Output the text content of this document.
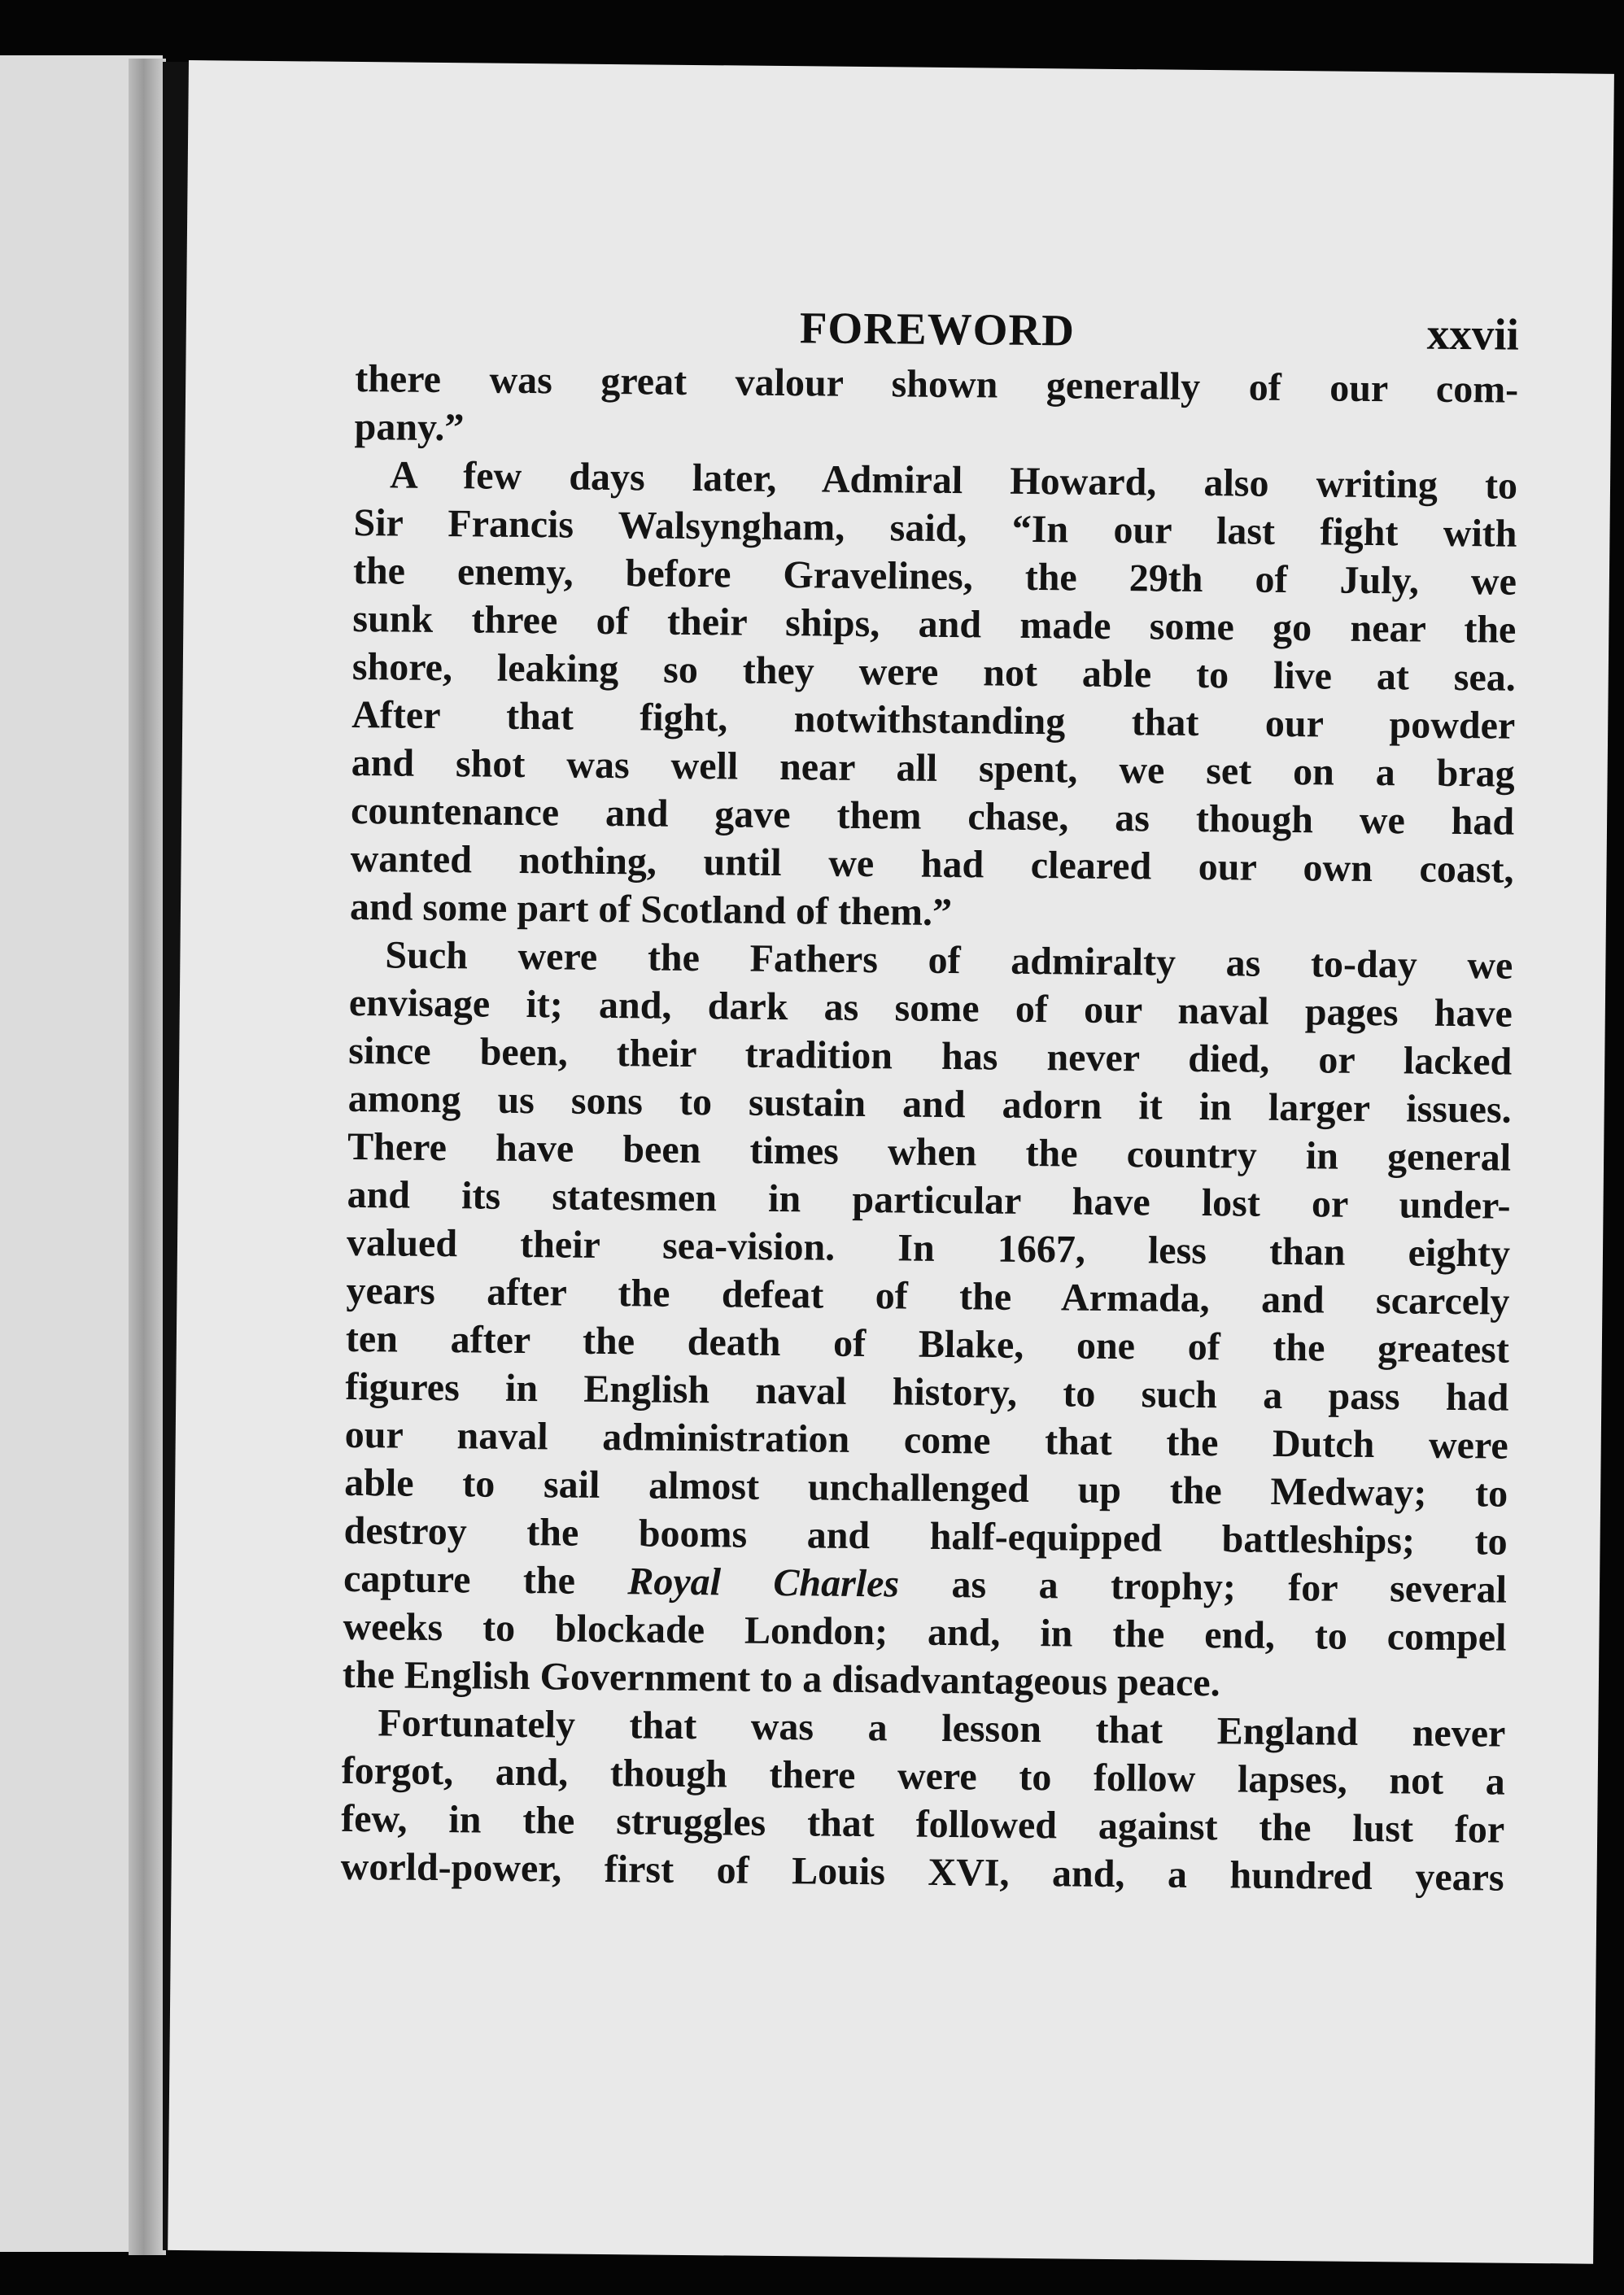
FOREWORD	xxvii
there was great valour shown generally of our com-
pany.”
A few days later, Admiral Howard, also writing to
Sir Francis Walsyngham, said, “In our last fight with
the enemy, before Gravelines, the 29th of July, we
sunk three of their ships, and made some go near the
shore, leaking so they were not able to live at sea.
After that fight, notwithstanding that our powder
and shot was well near all spent, we set on a brag
countenance and gave them chase, as though we had
wanted nothing, until we had cleared our own coast,
and some part of Scotland of them.”
Such were the Fathers of admiralty as to-day we
envisage it; and, dark as some of our naval pages have
since been, their tradition has never died, or lacked
among us sons to sustain and adorn it in larger issues.
There have been times when the country in general
and its statesmen in particular have lost or under-
valued their sea-vision. In 1667, less than eighty
years after the defeat of the Armada, and scarcely
ten after the death of Blake, one of the greatest
figures in English naval history, to such a pass had
our naval administration come that the Dutch were
able to sail almost unchallenged up the Medway; to
destroy the booms and half-equipped battleships; to
capture the Royal Charles as a trophy; for several
weeks to blockade London; and, in the end, to compel
the English Government to a disadvantageous peace.
Fortunately that was a lesson that England never
forgot, and, though there were to follow lapses, not a
few, in the struggles that followed against the lust for
world-power, first of Louis XVI, and, a hundred years
